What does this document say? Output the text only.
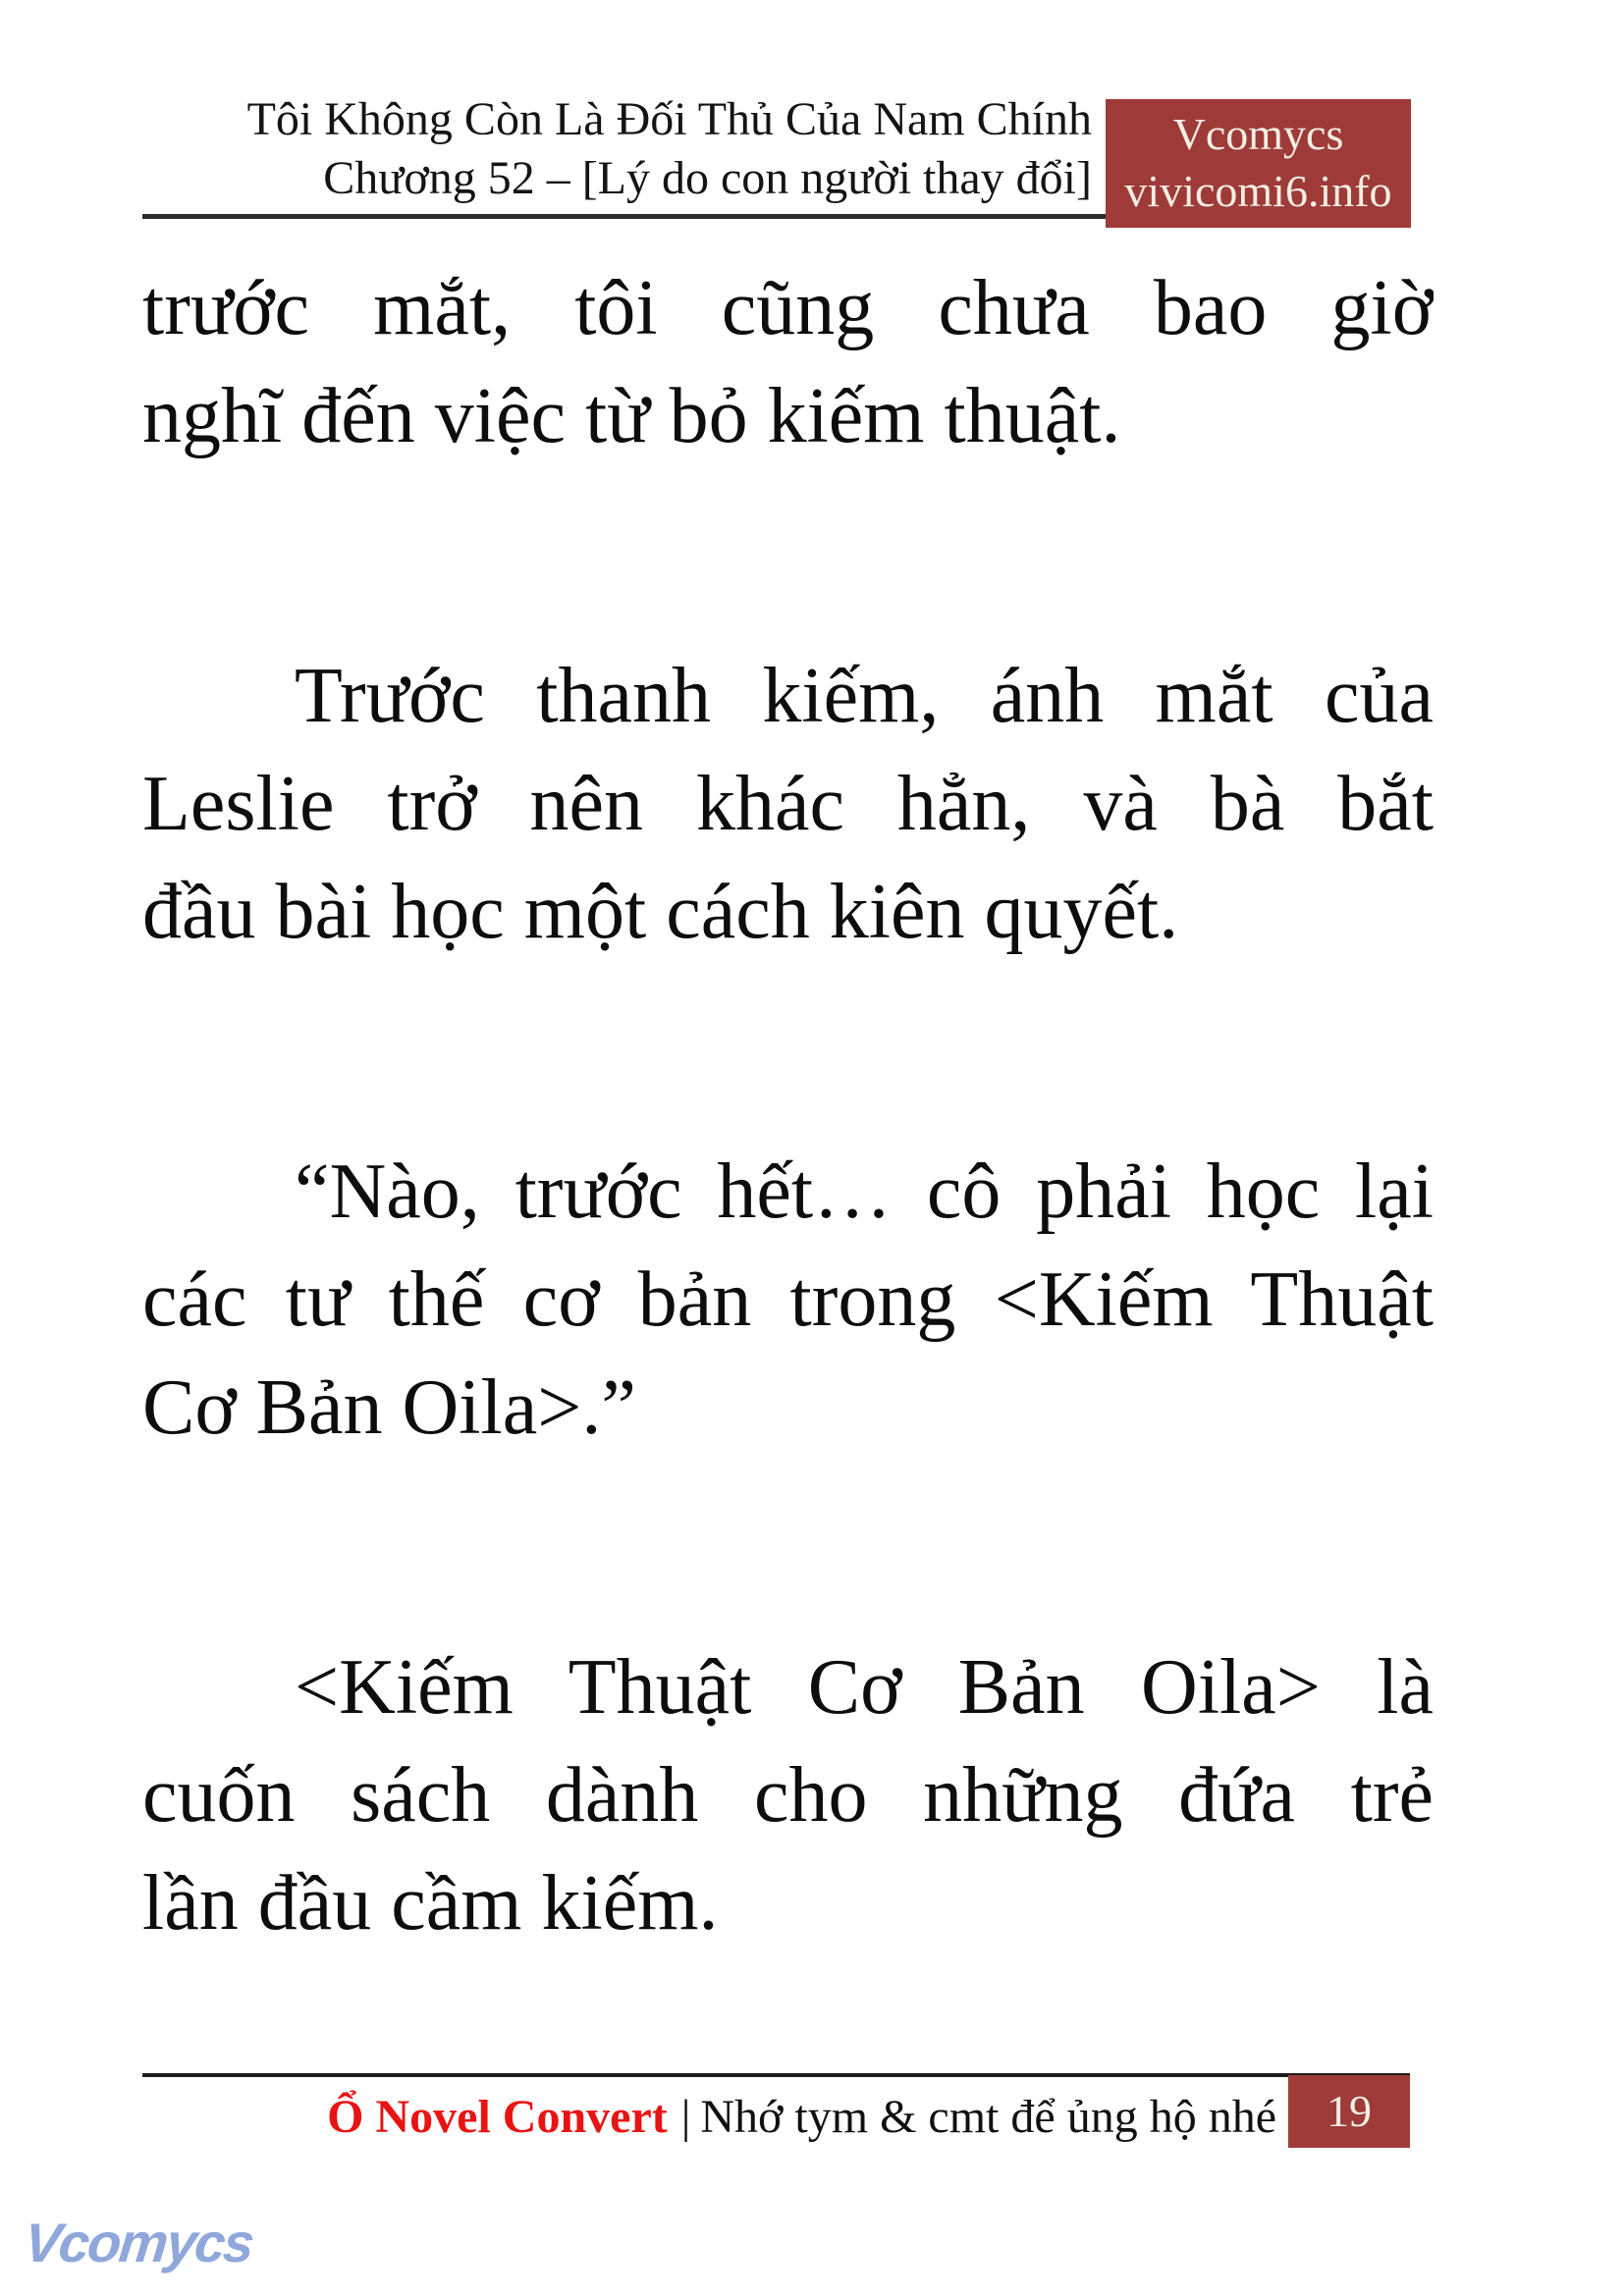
Tôi Không Còn Là Đối Thủ Của Nam Chính
Chương 52 – [Lý do con người thay đổi]
Vcomycs
vivicomi6.info
trước mắt, tôi cũng chưa bao giờ
nghĩ đến việc từ bỏ kiếm thuật.
Trước thanh kiếm, ánh mắt của
Leslie trở nên khác hẳn, và bà bắt
đầu bài học một cách kiên quyết.
“Nào, trước hết… cô phải học lại
các tư thế cơ bản trong <Kiếm Thuật
Cơ Bản Oila>.”
<Kiếm Thuật Cơ Bản Oila> là
cuốn sách dành cho những đứa trẻ
lần đầu cầm kiếm.
Ổ Novel Convert | Nhớ tym & cmt để ủng hộ nhé	19
Vcomycs
